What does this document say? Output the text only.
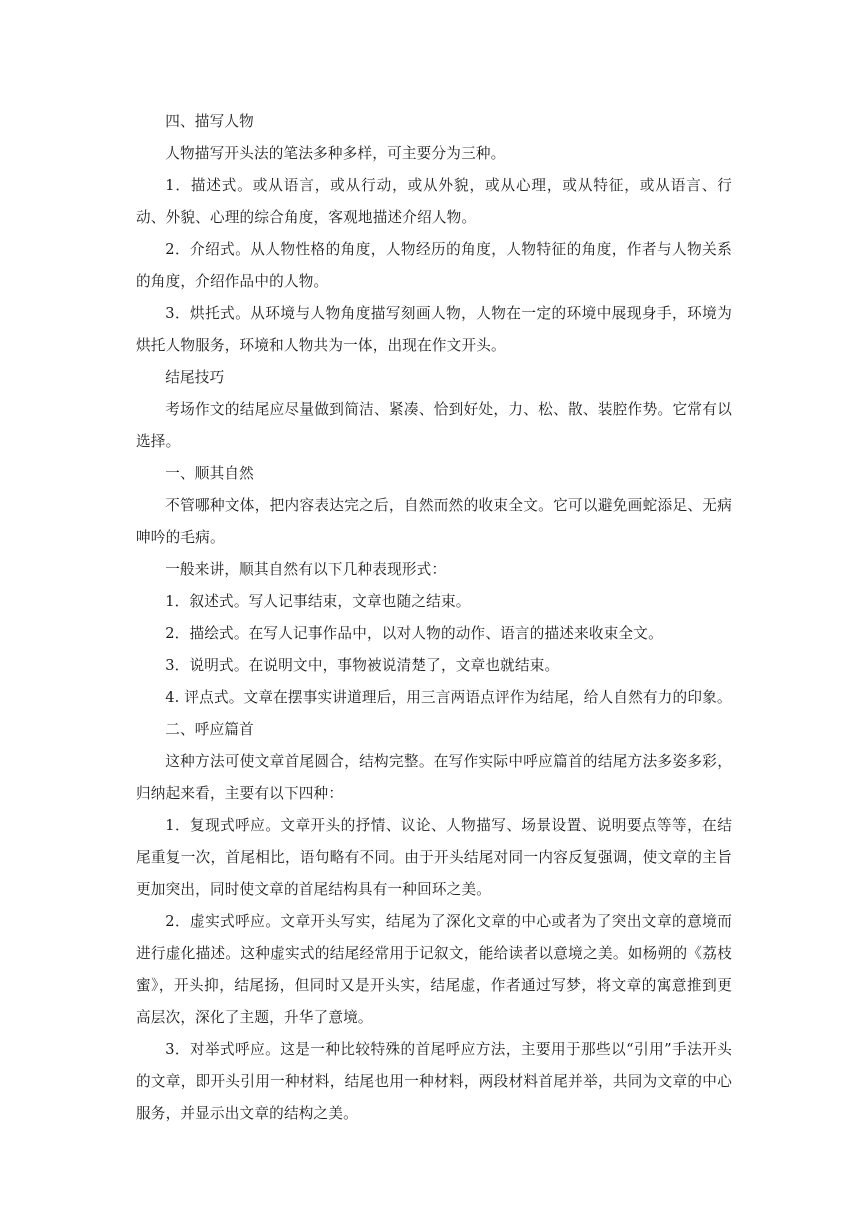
四、描写人物

人物描写开头法的笔法多种多样，可主要分为三种。

1．描述式。或从语言，或从行动，或从外貌，或从心理，或从特征，或从语言、行动、外貌、心理的综合角度，客观地描述介绍人物。

2．介绍式。从人物性格的角度，人物经历的角度，人物特征的角度，作者与人物关系的角度，介绍作品中的人物。

3．烘托式。从环境与人物角度描写刻画人物，人物在一定的环境中展现身手，环境为烘托人物服务，环境和人物共为一体，出现在作文开头。

结尾技巧

考场作文的结尾应尽量做到简洁、紧凑、恰到好处，力、松、散、装腔作势。它常有以选择。

一、顺其自然

不管哪种文体，把内容表达完之后，自然而然的收束全文。它可以避免画蛇添足、无病呻吟的毛病。

一般来讲，顺其自然有以下几种表现形式：

1．叙述式。写人记事结束，文章也随之结束。

2．描绘式。在写人记事作品中，以对人物的动作、语言的描述来收束全文。

3．说明式。在说明文中，事物被说清楚了，文章也就结束。

4. 评点式。文章在摆事实讲道理后，用三言两语点评作为结尾，给人自然有力的印象。

二、呼应篇首

这种方法可使文章首尾圆合，结构完整。在写作实际中呼应篇首的结尾方法多姿多彩，归纳起来看，主要有以下四种：

1．复现式呼应。文章开头的抒情、议论、人物描写、场景设置、说明要点等等，在结尾重复一次，首尾相比，语句略有不同。由于开头结尾对同一内容反复强调，使文章的主旨更加突出，同时使文章的首尾结构具有一种回环之美。

2．虚实式呼应。文章开头写实，结尾为了深化文章的中心或者为了突出文章的意境而进行虚化描述。这种虚实式的结尾经常用于记叙文，能给读者以意境之美。如杨朔的《荔枝蜜》，开头抑，结尾扬，但同时又是开头实，结尾虚，作者通过写梦，将文章的寓意推到更高层次，深化了主题，升华了意境。

3．对举式呼应。这是一种比较特殊的首尾呼应方法，主要用于那些以“引用”手法开头的文章，即开头引用一种材料，结尾也用一种材料，两段材料首尾并举，共同为文章的中心服务，并显示出文章的结构之美。
